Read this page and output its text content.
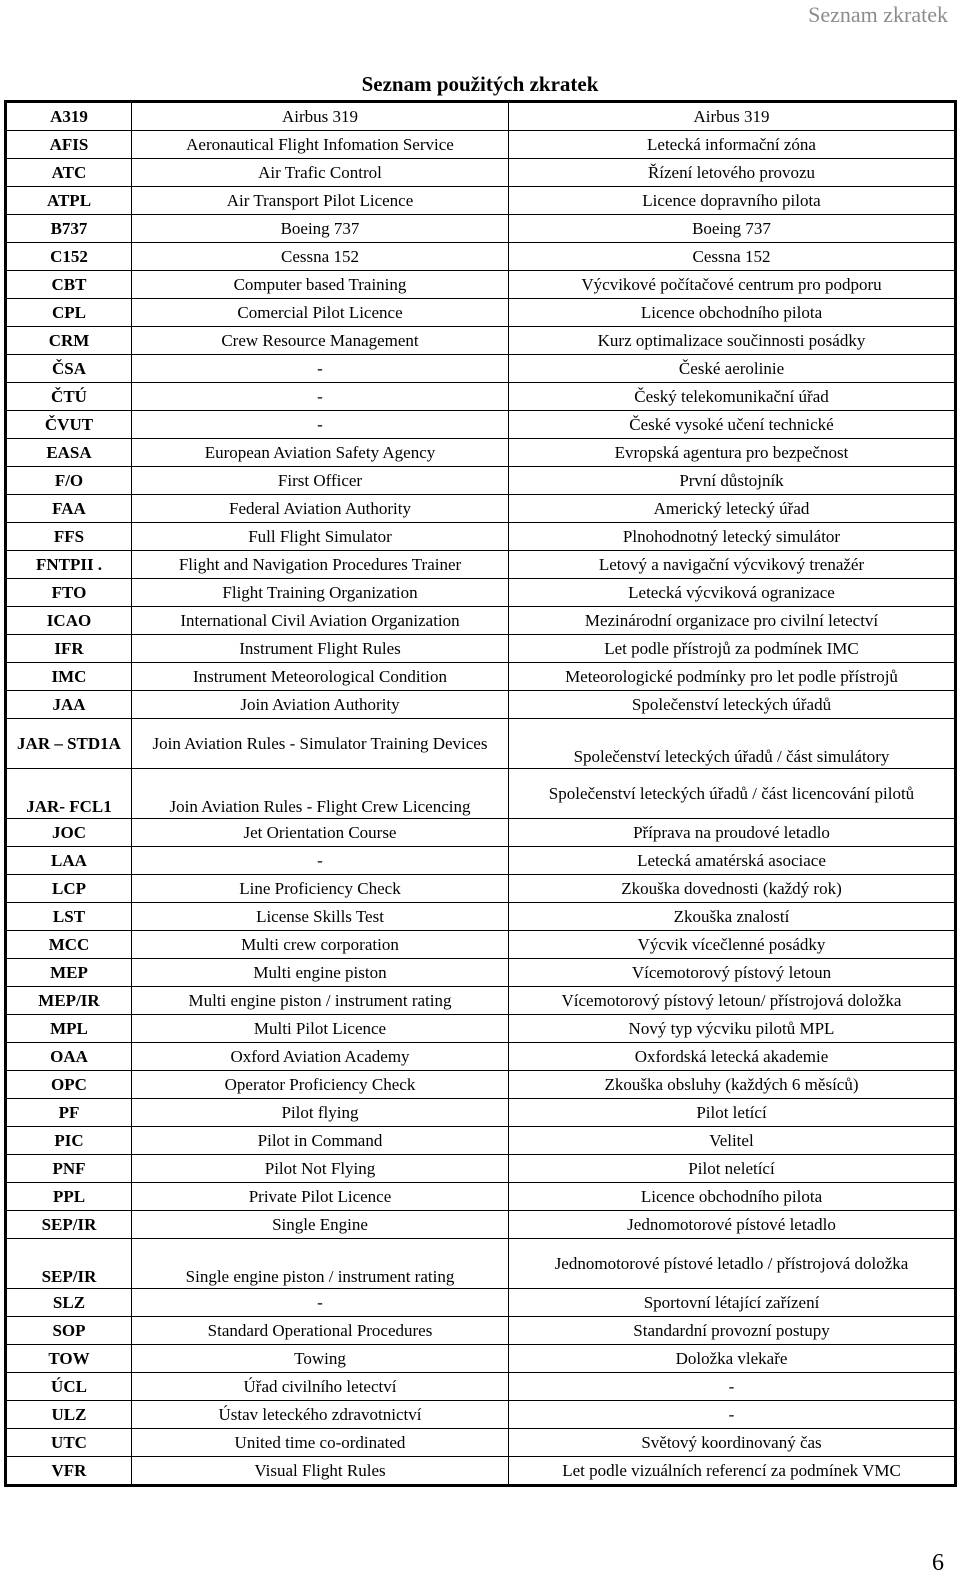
Seznam zkratek
Seznam použitých zkratek
A319	Airbus 319	Airbus 319
AFIS	Aeronautical Flight Infomation Service	Letecká informační zóna
ATC	Air Trafic Control	Řízení letového provozu
ATPL	Air Transport Pilot Licence	Licence dopravního pilota
B737	Boeing 737	Boeing 737
C152	Cessna 152	Cessna 152
CBT	Computer based Training	Výcvikové počítačové centrum pro podporu
CPL	Comercial Pilot Licence	Licence obchodního pilota
CRM	Crew Resource Management	Kurz optimalizace součinnosti posádky
ČSA	-	České aerolinie
ČTÚ	-	Český telekomunikační úřad
ČVUT	-	České vysoké učení technické
EASA	European Aviation Safety Agency	Evropská agentura pro bezpečnost
F/O	First Officer	První důstojník
FAA	Federal Aviation Authority	Americký letecký úřad
FFS	Full Flight Simulator	Plnohodnotný letecký simulátor
FNTPII .	Flight and Navigation Procedures Trainer	Letový a navigační výcvikový trenažér
FTO	Flight Training Organization	Letecká výcviková ogranizace
ICAO	International Civil Aviation Organization	Mezinárodní organizace pro civilní letectví
IFR	Instrument Flight Rules	Let podle přístrojů za podmínek IMC
IMC	Instrument Meteorological Condition	Meteorologické podmínky pro let podle přístrojů
JAA	Join Aviation Authority	Společenství leteckých úřadů
JAR – STD1A	Join Aviation Rules - Simulator Training Devices	Společenství leteckých úřadů / část simulátory
JAR- FCL1	Join Aviation Rules - Flight Crew Licencing	Společenství leteckých úřadů / část licencování pilotů
JOC	Jet Orientation Course	Příprava na proudové letadlo
LAA	-	Letecká amatérská asociace
LCP	Line Proficiency Check	Zkouška dovednosti (každý rok)
LST	License Skills Test	Zkouška znalostí
MCC	Multi crew corporation	Výcvik vícečlenné posádky
MEP	Multi engine piston	Vícemotorový pístový letoun
MEP/IR	Multi engine piston / instrument rating	Vícemotorový pístový letoun/ přístrojová doložka
MPL	Multi Pilot Licence	Nový typ výcviku pilotů MPL
OAA	Oxford Aviation Academy	Oxfordská letecká akademie
OPC	Operator Proficiency Check	Zkouška obsluhy (každých 6 měsíců)
PF	Pilot flying	Pilot letící
PIC	Pilot in Command	Velitel
PNF	Pilot Not Flying	Pilot neletící
PPL	Private Pilot Licence	Licence obchodního pilota
SEP/IR	Single Engine	Jednomotorové pístové letadlo
SEP/IR	Single engine piston / instrument rating	Jednomotorové pístové letadlo / přístrojová doložka
SLZ	-	Sportovní létající zařízení
SOP	Standard Operational Procedures	Standardní provozní postupy
TOW	Towing	Doložka vlekaře
ÚCL	Úřad civilního letectví	-
ULZ	Ústav leteckého zdravotnictví	-
UTC	United time co-ordinated	Světový koordinovaný čas
VFR	Visual Flight Rules	Let podle vizuálních referencí za podmínek VMC
6
